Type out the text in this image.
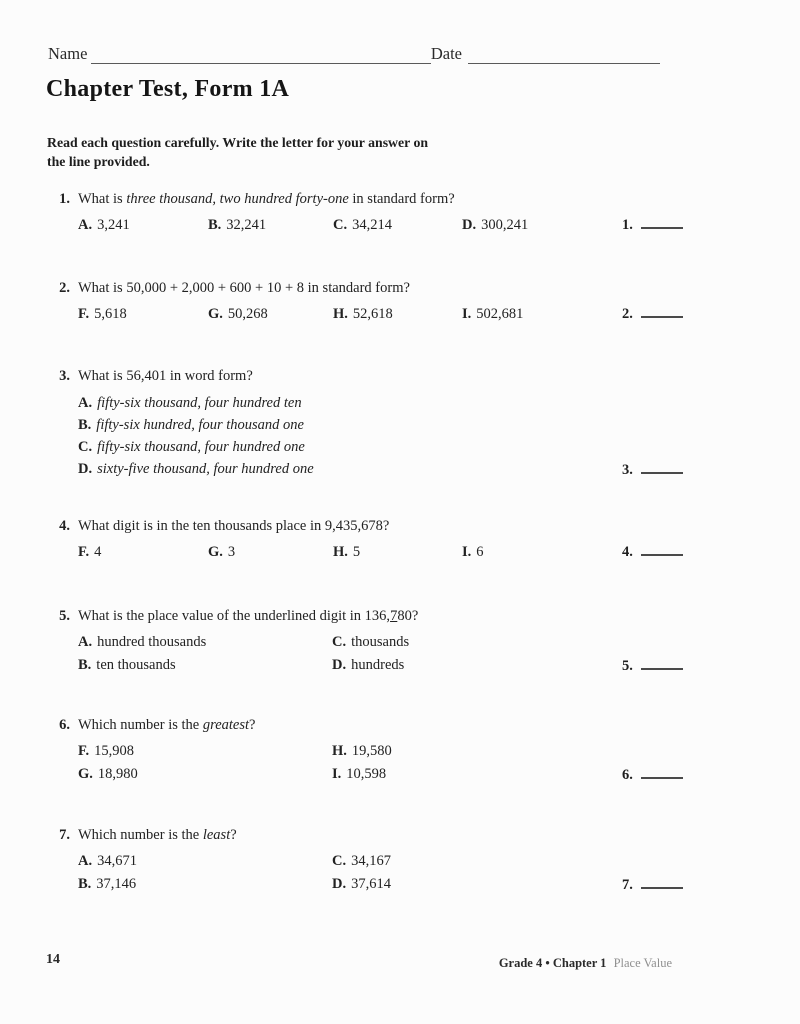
Name	Date
Chapter Test, Form 1A
Read each question carefully. Write the letter for your answer on
the line provided.
1. What is three thousand, two hundred forty-one in standard form?
A. 3,241	B. 32,241	C. 34,214	D. 300,241	1.
2. What is 50,000 + 2,000 + 600 + 10 + 8 in standard form?
F. 5,618	G. 50,268	H. 52,618	I. 502,681	2.
3. What is 56,401 in word form?
A. fifty-six thousand, four hundred ten
B. fifty-six hundred, four thousand one
C. fifty-six thousand, four hundred one
D. sixty-five thousand, four hundred one	3.
4. What digit is in the ten thousands place in 9,435,678?
F. 4	G. 3	H. 5	I. 6	4.
5. What is the place value of the underlined digit in 136,780?
A. hundred thousands	C. thousands
B. ten thousands	D. hundreds	5.
6. Which number is the greatest?
F. 15,908	H. 19,580
G. 18,980	I. 10,598	6.
7. Which number is the least?
A. 34,671	C. 34,167
B. 37,146	D. 37,614	7.
14	Grade 4 • Chapter 1 Place Value
